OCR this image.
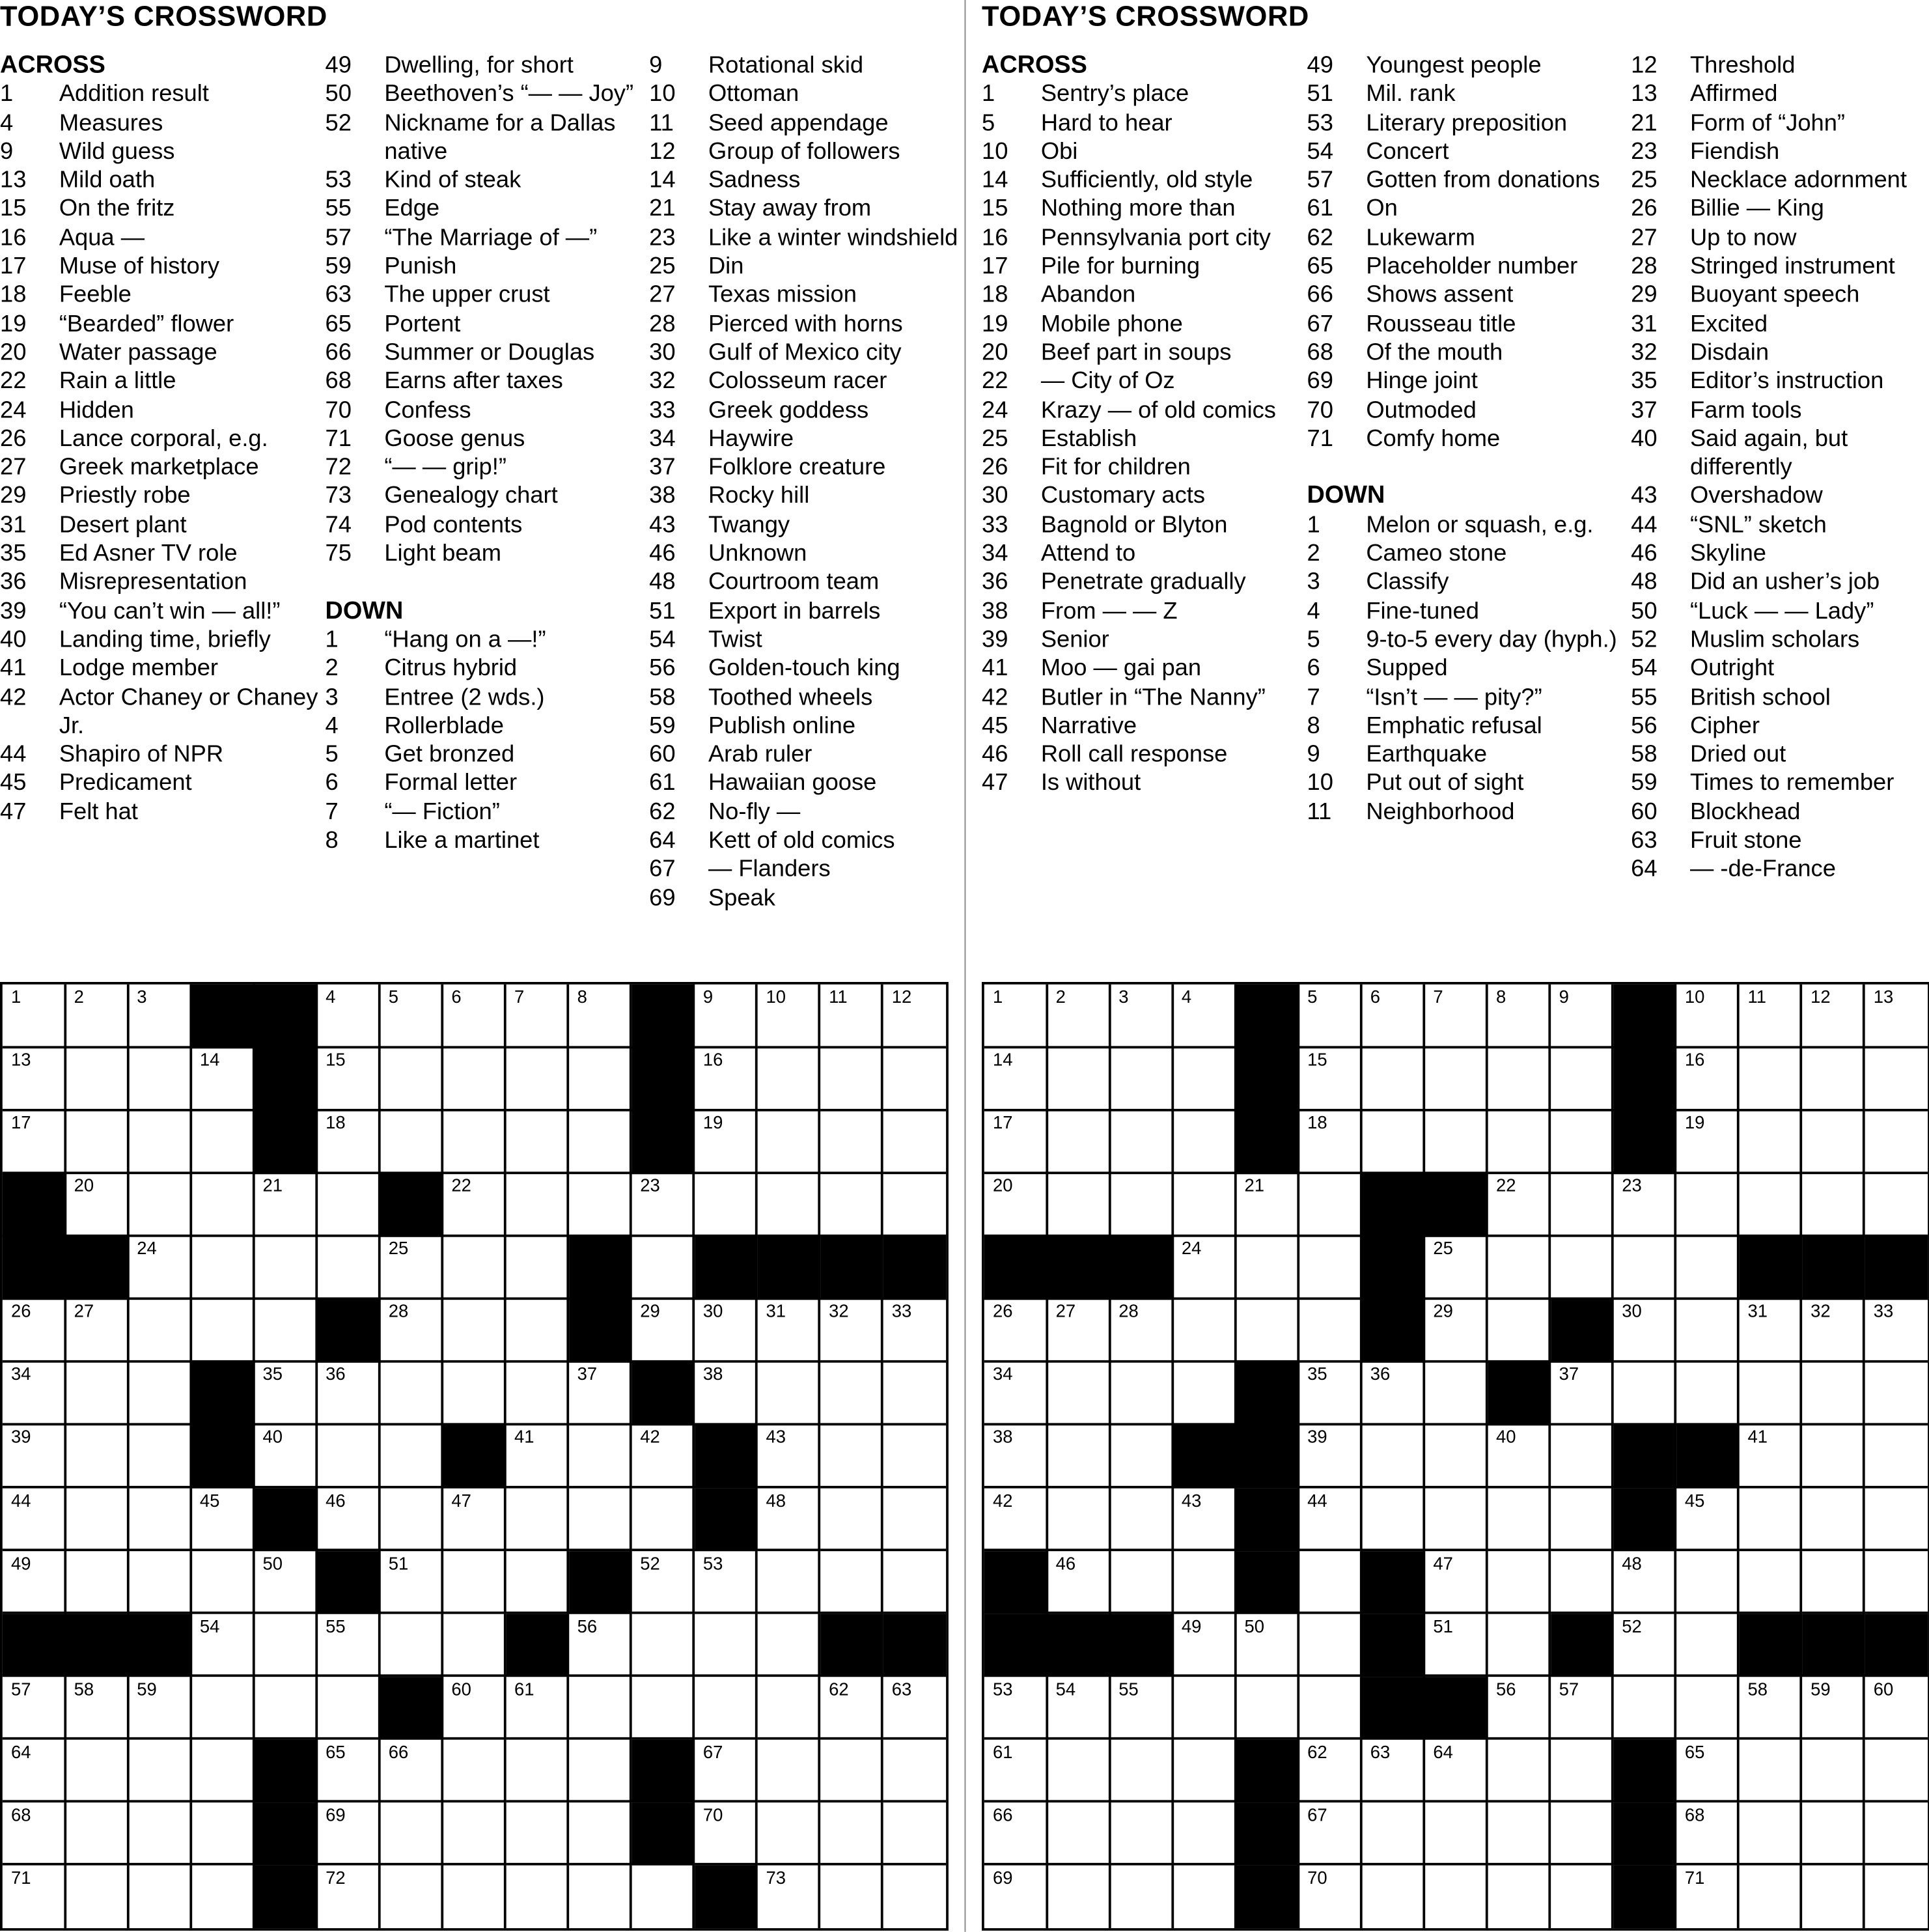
TODAY’S CROSSWORD
ACROSS
1	Addition result
4	Measures
9	Wild guess
13	Mild oath
15	On the fritz
16	Aqua —
17	Muse of history
18	Feeble
19	“Bearded” flower
20	Water passage
22	Rain a little
24	Hidden
26	Lance corporal, e.g.
27	Greek marketplace
29	Priestly robe
31	Desert plant
35	Ed Asner TV role
36	Misrepresentation
39	“You can’t win — all!”
40	Landing time, briefly
41	Lodge member
42	Actor Chaney or Chaney Jr.
44	Shapiro of NPR
45	Predicament
47	Felt hat
49	Dwelling, for short
50	Beethoven’s “— — Joy”
52	Nickname for a Dallas native
53	Kind of steak
55	Edge
57	“The Marriage of —”
59	Punish
63	The upper crust
65	Portent
66	Summer or Douglas
68	Earns after taxes
70	Confess
71	Goose genus
72	“— — grip!”
73	Genealogy chart
74	Pod contents
75	Light beam
DOWN
1	“Hang on a —!”
2	Citrus hybrid
3	Entree (2 wds.)
4	Rollerblade
5	Get bronzed
6	Formal letter
7	“— Fiction”
8	Like a martinet
9	Rotational skid
10	Ottoman
11	Seed appendage
12	Group of followers
14	Sadness
21	Stay away from
23	Like a winter windshield
25	Din
27	Texas mission
28	Pierced with horns
30	Gulf of Mexico city
32	Colosseum racer
33	Greek goddess
34	Haywire
37	Folklore creature
38	Rocky hill
43	Twangy
46	Unknown
48	Courtroom team
51	Export in barrels
54	Twist
56	Golden-touch king
58	Toothed wheels
59	Publish online
60	Arab ruler
61	Hawaiian goose
62	No-fly —
64	Kett of old comics
67	— Flanders
69	Speak
1	2	3	4	5	6	7	8	9	10	11	12
13	14	15	16
17	18	19
20	21	22	23
24	25
26	27	28	29	30	31	32	33
34	35	36	37	38
39	40	41	42	43
44	45	46	47	48
49	50	51	52	53
54	55	56
57	58	59	60	61	62	63
64	65	66	67
68	69	70
71	72	73
TODAY’S CROSSWORD
ACROSS
1	Sentry’s place
5	Hard to hear
10	Obi
14	Sufficiently, old style
15	Nothing more than
16	Pennsylvania port city
17	Pile for burning
18	Abandon
19	Mobile phone
20	Beef part in soups
22	— City of Oz
24	Krazy — of old comics
25	Establish
26	Fit for children
30	Customary acts
33	Bagnold or Blyton
34	Attend to
36	Penetrate gradually
38	From — — Z
39	Senior
41	Moo — gai pan
42	Butler in “The Nanny”
45	Narrative
46	Roll call response
47	Is without
49	Youngest people
51	Mil. rank
53	Literary preposition
54	Concert
57	Gotten from donations
61	On
62	Lukewarm
65	Placeholder number
66	Shows assent
67	Rousseau title
68	Of the mouth
69	Hinge joint
70	Outmoded
71	Comfy home
DOWN
1	Melon or squash, e.g.
2	Cameo stone
3	Classify
4	Fine-tuned
5	9-to-5 every day (hyph.)
6	Supped
7	“Isn’t — — pity?”
8	Emphatic refusal
9	Earthquake
10	Put out of sight
11	Neighborhood
12	Threshold
13	Affirmed
21	Form of “John”
23	Fiendish
25	Necklace adornment
26	Billie — King
27	Up to now
28	Stringed instrument
29	Buoyant speech
31	Excited
32	Disdain
35	Editor’s instruction
37	Farm tools
40	Said again, but differently
43	Overshadow
44	“SNL” sketch
46	Skyline
48	Did an usher’s job
50	“Luck — — Lady”
52	Muslim scholars
54	Outright
55	British school
56	Cipher
58	Dried out
59	Times to remember
60	Blockhead
63	Fruit stone
64	— -de-France
1	2	3	4	5	6	7	8	9	10	11	12	13
14	15	16
17	18	19
20	21	22	23
24	25
26	27	28	29	30	31	32	33
34	35	36	37
38	39	40	41
42	43	44	45
46	47	48
49	50	51	52
53	54	55	56	57	58	59	60
61	62	63	64	65
66	67	68
69	70	71
